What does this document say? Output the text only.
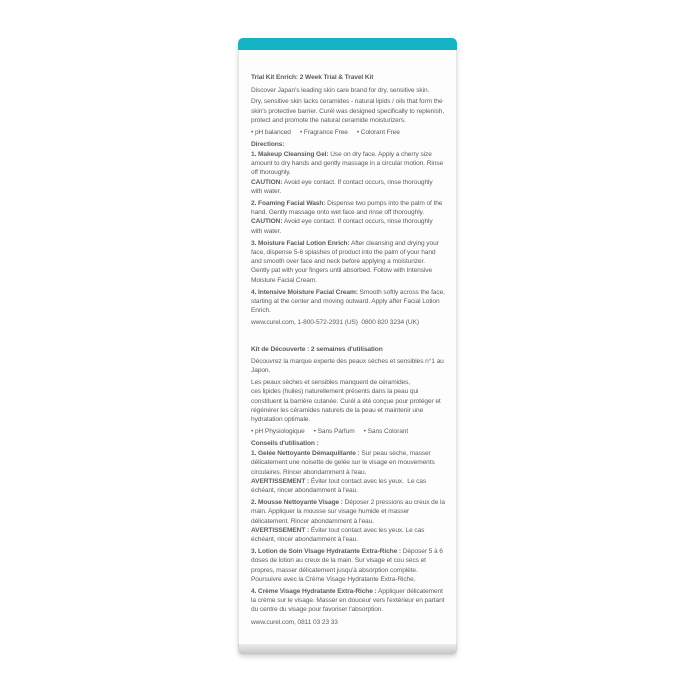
Trial Kit Enrich: 2 Week Trial & Travel Kit

Discover Japan's leading skin care brand for dry, sensitive skin.

Dry, sensitive skin lacks ceramides - natural lipids / oils that form the skin's protective barrier. Curél was designed specifically to replenish, protect and promote the natural ceramide moisturizers.

• pH balanced • Fragrance Free • Colorant Free

Directions:

1. Makeup Cleansing Gel: Use on dry face. Apply a cherry size amount to dry hands and gently massage in a circular motion. Rinse off thoroughly.

CAUTION: Avoid eye contact. If contact occurs, rinse thoroughly with water.

2. Foaming Facial Wash: Dispense two pumps into the palm of the hand. Gently massage onto wet face and rinse off thoroughly.

CAUTION: Avoid eye contact. If contact occurs, rinse thoroughly with water.

3. Moisture Facial Lotion Enrich: After cleansing and drying your face, dispense 5-6 splashes of product into the palm of your hand and smooth over face and neck before applying a moisturizer. Gently pat with your fingers until absorbed. Follow with Intensive Moisture Facial Cream.

4. Intensive Moisture Facial Cream: Smooth softly across the face, starting at the center and moving outward. Apply after Facial Lotion Enrich.

www.curel.com, 1-800-572-2931 (US)  0800 820 3234 (UK)

Kit de Découverte : 2 semaines d'utilisation

Découvrez la marque experte des peaux sèches et sensibles n°1 au Japon.

Les peaux sèches et sensibles manquent de céramides,
ces lipides (huiles) naturellement présents dans la peau qui constituent la barrière cutanée. Curél a été conçue pour protéger et régénérer les céramides naturels de la peau et maintenir une hydratation optimale.

• pH Physiologique • Sans Parfum • Sans Colorant

Conseils d'utilisation :

1. Gelée Nettoyante Démaquillante : Sur peau sèche, masser délicatement une noisette de gelée sur le visage en mouvements circulaires. Rincer abondamment à l'eau.

AVERTISSEMENT : Éviter tout contact avec les yeux.  Le cas échéant, rincer abondamment à l'eau.

2. Mousse Nettoyante Visage : Déposer 2 pressions au creux de la main. Appliquer la mousse sur visage humide et masser délicatement. Rincer abondamment à l'eau.

AVERTISSEMENT : Éviter tout contact avec les yeux. Le cas échéant, rincer abondamment à l'eau.

3. Lotion de Soin Visage Hydratante Extra-Riche : Déposer 5 à 6 doses de lotion au creux de la main. Sur visage et cou secs et propres, masser délicatement jusqu'à absorption complète. Poursuivre avec la Crème Visage Hydratante Extra-Riche.

4. Crème Visage Hydratante Extra-Riche : Appliquer délicatement la crème sur le visage. Masser en douceur vers l'extérieur en partant du centre du visage pour favoriser l'absorption.

www.curel.com, 0811 03 23 33
